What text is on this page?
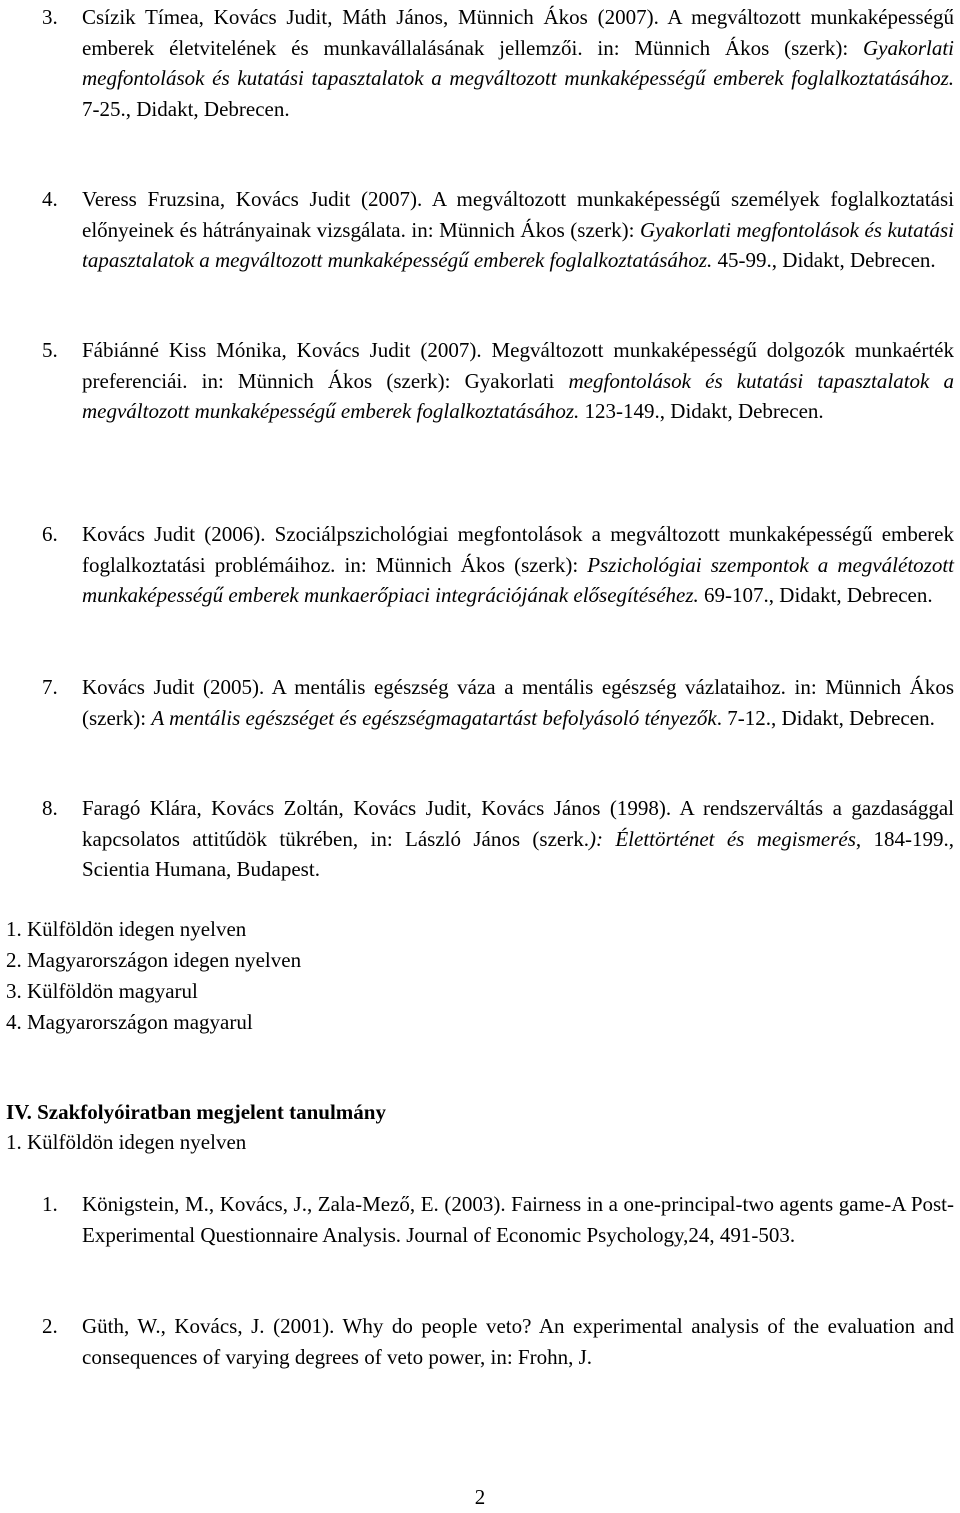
3. Csízik Tímea, Kovács Judit, Máth János, Münnich Ákos (2007). A megváltozott munkaképességű emberek életvitelének és munkavállalásának jellemzői. in: Münnich Ákos (szerk): Gyakorlati megfontolások és kutatási tapasztalatok a megváltozott munkaképességű emberek foglalkoztatásához. 7-25., Didakt, Debrecen.
4. Veress Fruzsina, Kovács Judit (2007). A megváltozott munkaképességű személyek foglalkoztatási előnyeinek és hátrányainak vizsgálata. in: Münnich Ákos (szerk): Gyakorlati megfontolások és kutatási tapasztalatok a megváltozott munkaképességű emberek foglalkoztatásához. 45-99., Didakt, Debrecen.
5. Fábiánné Kiss Mónika, Kovács Judit (2007). Megváltozott munkaképességű dolgozók munkaérték preferenciái. in: Münnich Ákos (szerk): Gyakorlati megfontolások és kutatási tapasztalatok a megváltozott munkaképességű emberek foglalkoztatásához. 123-149., Didakt, Debrecen.
6. Kovács Judit (2006). Szociálpszichológiai megfontolások a megváltozott munkaképességű emberek foglalkoztatási problémáihoz. in: Münnich Ákos (szerk): Pszichológiai szempontok a megválétozott munkaképességű emberek munkaerőpiaci integrációjának elősegítéséhez. 69-107., Didakt, Debrecen.
7. Kovács Judit (2005). A mentális egészség váza a mentális egészség vázlataihoz. in: Münnich Ákos (szerk): A mentális egészséget és egészségmagatartást befolyásoló tényezők. 7-12., Didakt, Debrecen.
8. Faragó Klára, Kovács Zoltán, Kovács Judit, Kovács János (1998). A rendszerváltás a gazdasággal kapcsolatos attitűdök tükrében, in: László János (szerk.): Élettörténet és megismerés, 184-199., Scientia Humana, Budapest.
1. Külföldön idegen nyelven
2. Magyarországon idegen nyelven
3. Külföldön magyarul
4. Magyarországon magyarul
IV. Szakfolyóiratban megjelent tanulmány
1. Külföldön idegen nyelven
1. Königstein, M., Kovács, J., Zala-Mező, E. (2003). Fairness in a one-principal-two agents game-A Post-Experimental Questionnaire Analysis. Journal of Economic Psychology,24, 491-503.
2. Güth, W., Kovács, J. (2001). Why do people veto? An experimental analysis of the evaluation and consequences of varying degrees of veto power, in: Frohn, J.
2
